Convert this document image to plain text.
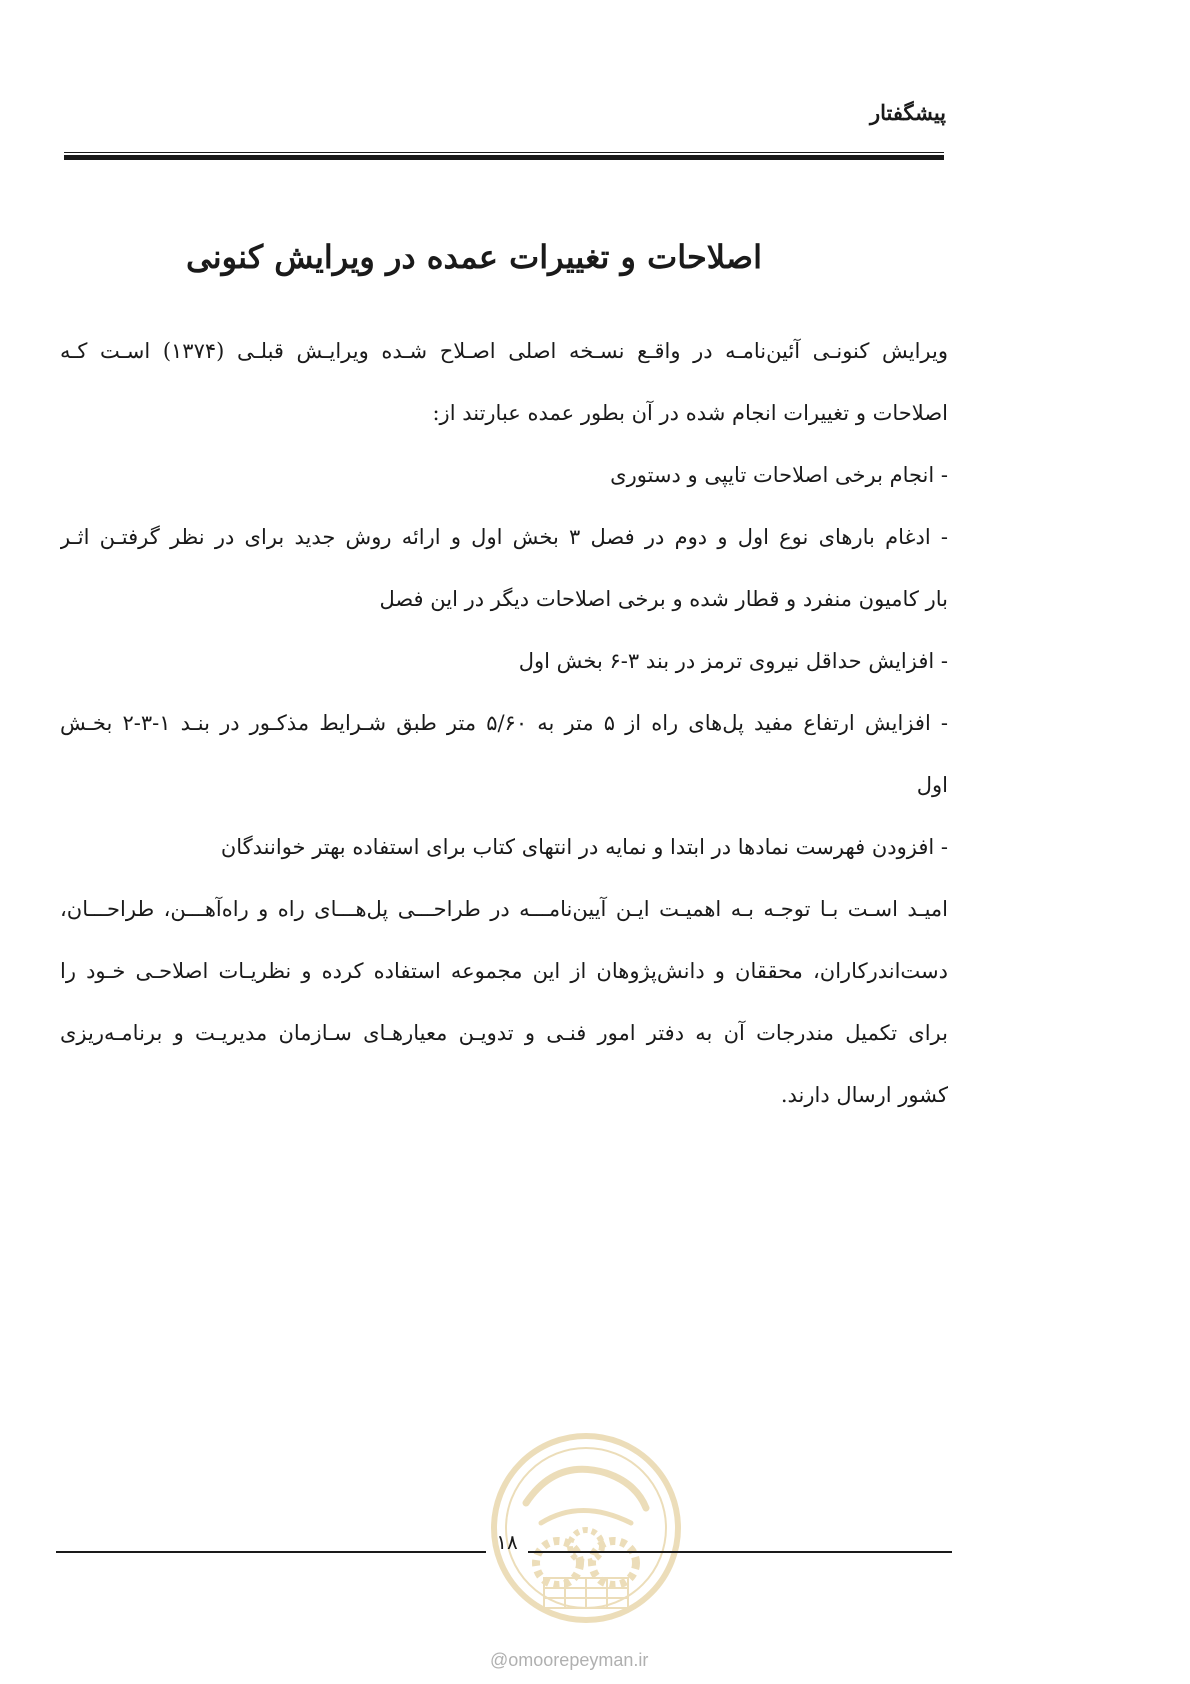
پیشگفتار
اصلاحات و تغییرات عمده در ویرایش کنونی
ویرایش کنونـی آئین‌نامـه در واقـع نسـخه اصلی اصـلاح شـده ویرایـش قبلـی (۱۳۷۴) اسـت کـه
اصلاحات و تغییرات انجام شده در آن بطور عمده عبارتند از:
- انجام برخی اصلاحات تایپی و دستوری
- ادغام بارهای نوع اول و دوم در فصل ۳ بخش اول و ارائه روش جدید برای در نظر گرفتـن اثـر
بار کامیون منفرد و قطار شده و برخی اصلاحات دیگر در این فصل
- افزایش حداقل نیروی ترمز در بند ۳-۶ بخش اول
- افزایش ارتفاع مفید پل‌های راه از ۵ متر به ۵/۶۰ متر طبق شـرایط مذکـور در بنـد ۱-۳-۲ بخـش
اول
- افزودن فهرست نمادها در ابتدا و نمایه در انتهای کتاب برای استفاده بهتر خوانندگان
امیـد اسـت بـا توجـه بـه اهمیـت ایـن آیین‌نامـــه در طراحـــی پل‌هـــای راه و راه‌آهـــن، طراحـــان،
دست‌اندرکاران، محققان و دانش‌پژوهان از این مجموعه استفاده کرده و نظریـات اصلاحـی خـود را
برای تکمیل مندرجات آن به دفتر امور فنـی و تدویـن معیارهـای سـازمان مدیریـت و برنامـه‌ریزی
کشور ارسال دارند.
۱۸
@omoorepeyman.ir
